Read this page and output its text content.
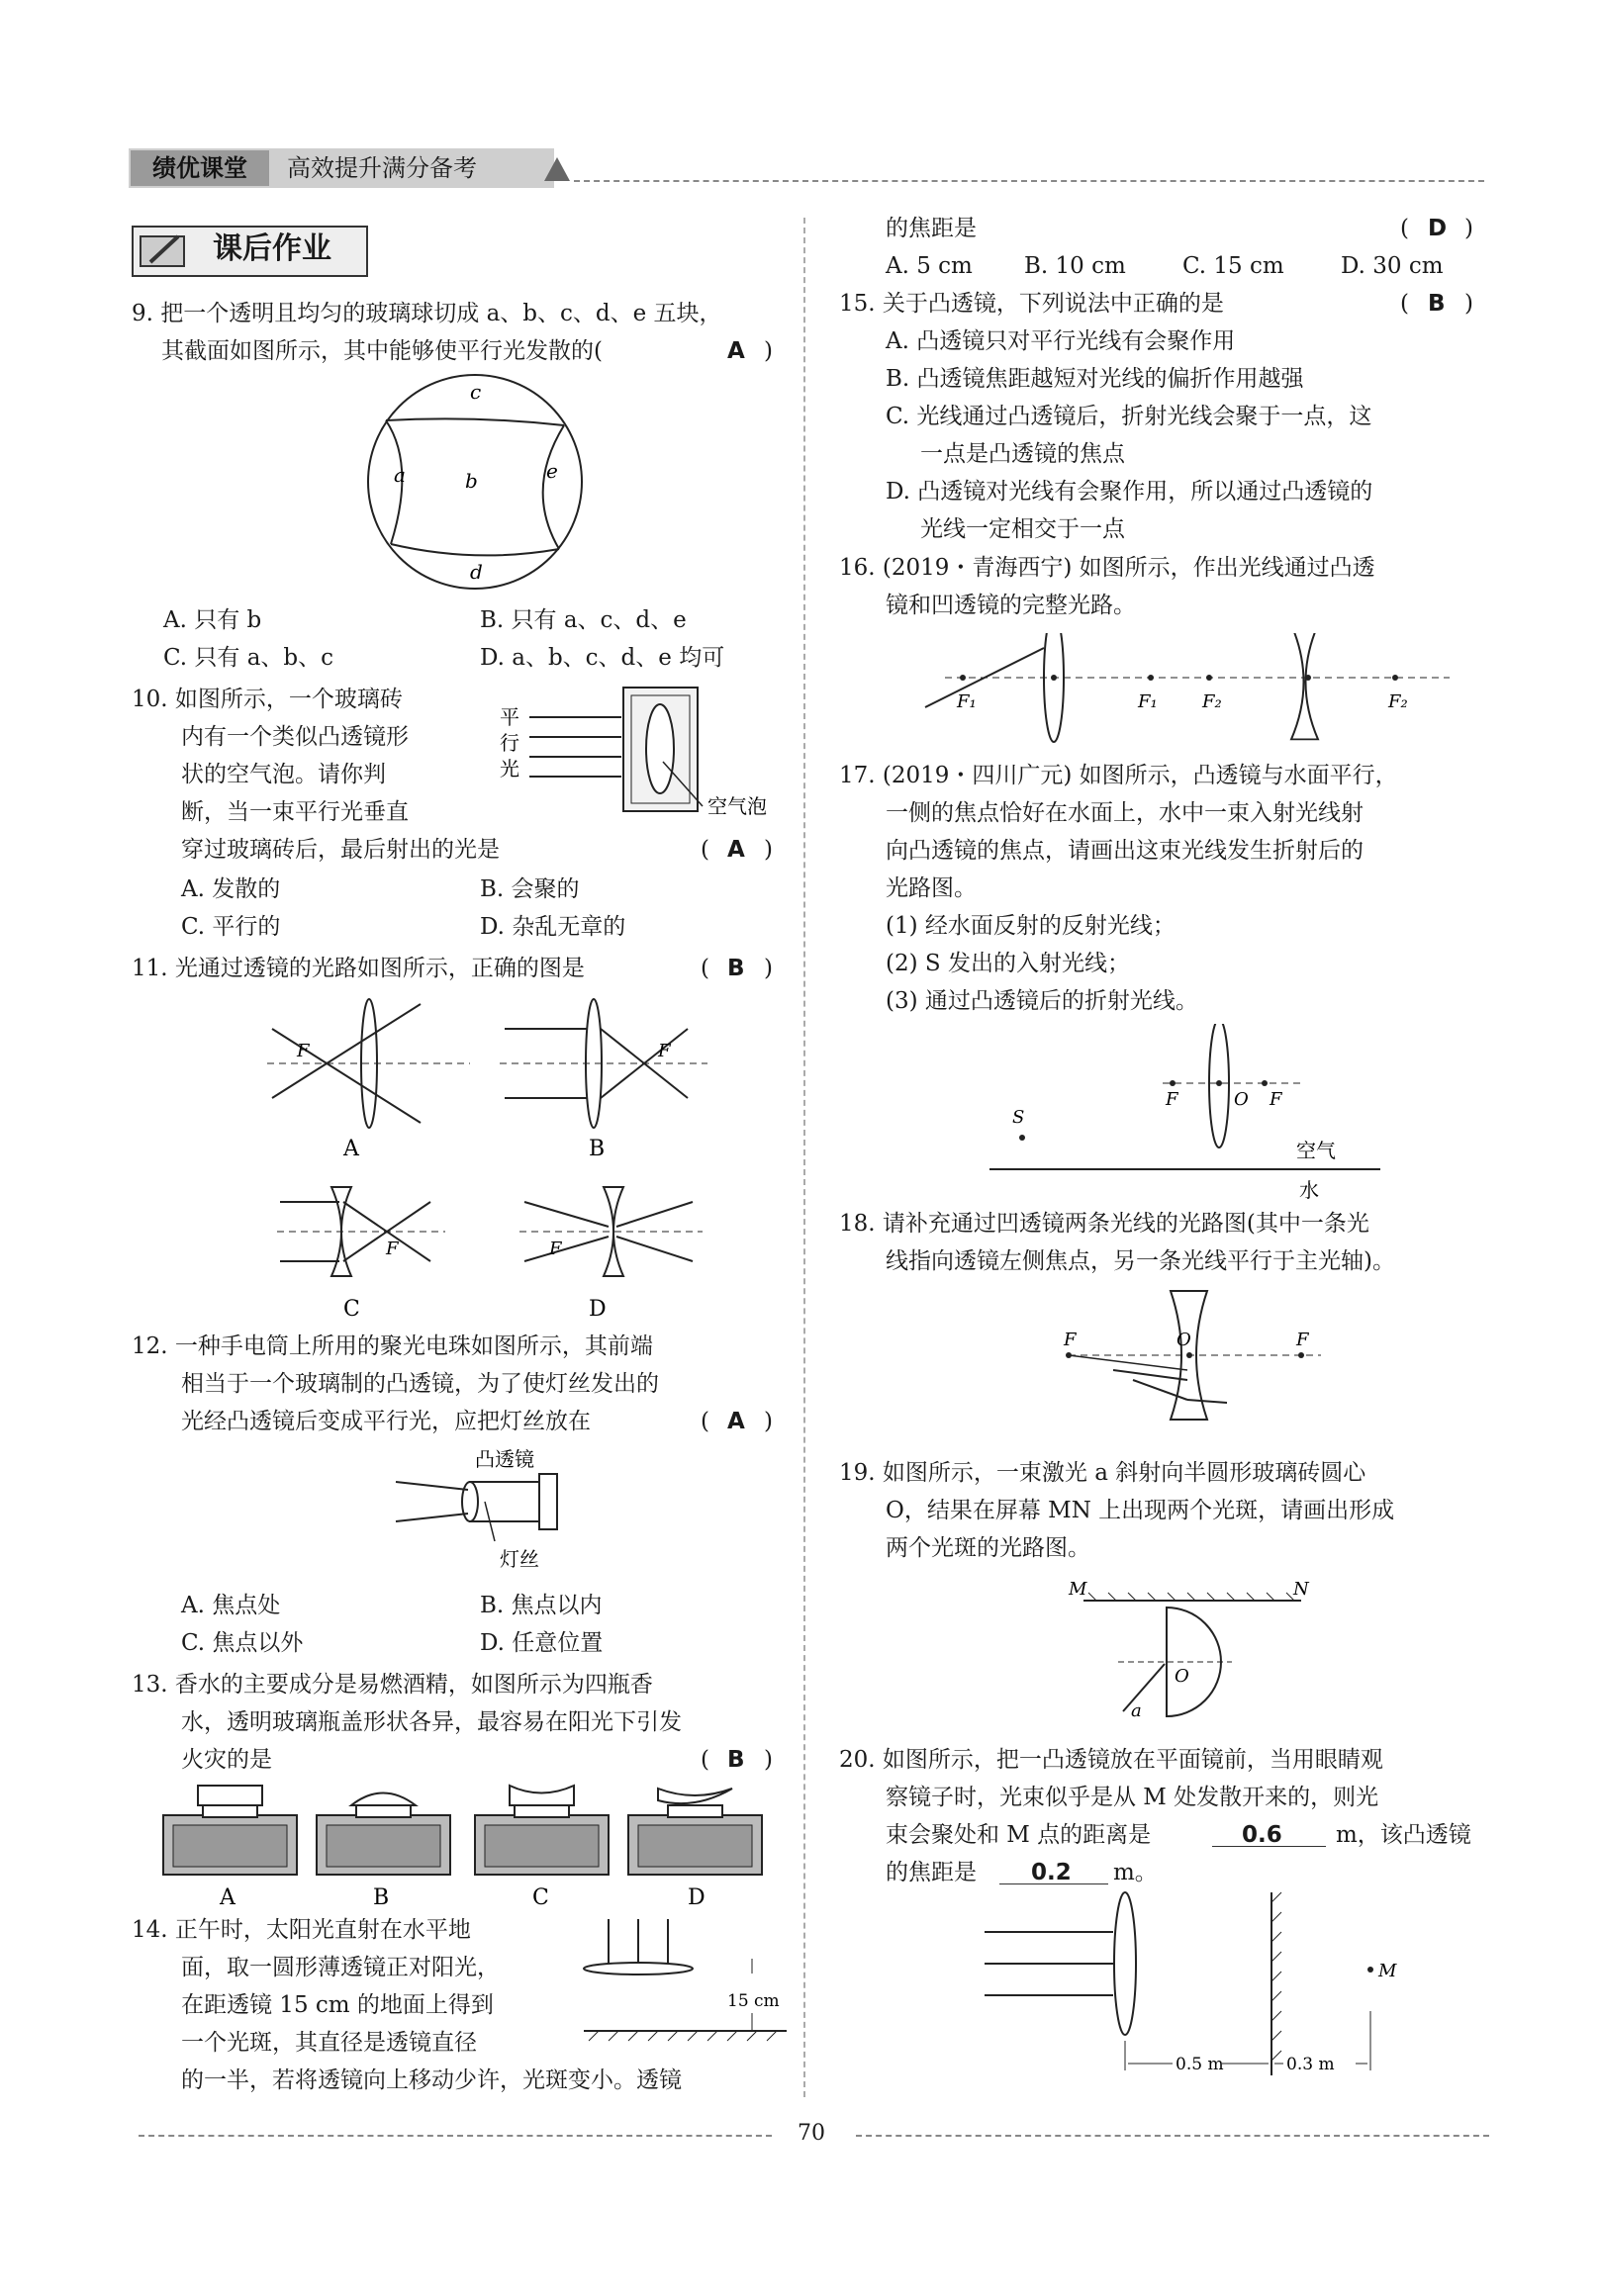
绩优课堂	高效提升满分备考
课后作业
9. 把一个透明且均匀的玻璃球切成 a、b、c、d、e 五块，
其截面如图所示，其中能够使平行光发散的(	A )
a	b
c
d
e
A. 只有 b	B. 只有 a、c、d、e
C. 只有 a、b、c	D. a、b、c、d、e 均可
10. 如图所示，一个玻璃砖
内有一个类似凸透镜形
状的空气泡。请你判
断，当一束平行光垂直
穿过玻璃砖后，最后射出的光是	( A )
平
行
光
空气泡
A. 发散的	B. 会聚的
C. 平行的	D. 杂乱无章的
11. 光通过透镜的光路如图所示，正确的图是	( B )
F
A
F
B
F
C
F
D
12. 一种手电筒上所用的聚光电珠如图所示，其前端
相当于一个玻璃制的凸透镜，为了使灯丝发出的
光经凸透镜后变成平行光，应把灯丝放在	( A )
凸透镜
灯丝
A. 焦点处	B. 焦点以内
C. 焦点以外	D. 任意位置
13. 香水的主要成分是易燃酒精，如图所示为四瓶香
水，透明玻璃瓶盖形状各异，最容易在阳光下引发
火灾的是	( B )
A	B	C	D
14. 正午时，太阳光直射在水平地
面，取一圆形薄透镜正对阳光，
在距透镜 15 cm 的地面上得到
一个光斑，其直径是透镜直径
的一半，若将透镜向上移动少许，光斑变小。透镜
15 cm
的焦距是	( D )
A. 5 cm B. 10 cm C. 15 cm D. 30 cm
15. 关于凸透镜，下列说法中正确的是	( B )
A. 凸透镜只对平行光线有会聚作用
B. 凸透镜焦距越短对光线的偏折作用越强
C. 光线通过凸透镜后，折射光线会聚于一点，这
一点是凸透镜的焦点
D. 凸透镜对光线有会聚作用，所以通过凸透镜的
光线一定相交于一点
16. (2019・青海西宁) 如图所示，作出光线通过凸透
镜和凹透镜的完整光路。
F₁	F₁	F₂	F₂
17. (2019・四川广元) 如图所示，凸透镜与水面平行，
一侧的焦点恰好在水面上，水中一束入射光线射
向凸透镜的焦点，请画出这束光线发生折射后的
光路图。
(1) 经水面反射的反射光线；
(2) S 发出的入射光线；
(3) 通过凸透镜后的折射光线。
F	O F
S
空气
水
18. 请补充通过凹透镜两条光线的光路图(其中一条光
线指向透镜左侧焦点，另一条光线平行于主光轴)。
F	O	F
19. 如图所示，一束激光 a 斜射向半圆形玻璃砖圆心
O，结果在屏幕 MN 上出现两个光斑，请画出形成
两个光斑的光路图。
M	N
O
a
20. 如图所示，把一凸透镜放在平面镜前，当用眼睛观
察镜子时，光束似乎是从 M 处发散开来的，则光
束会聚处和 M 点的距离是	0.6 m，该凸透镜
的焦距是 0.2 m。
M
0.5 m	0.3 m
70
